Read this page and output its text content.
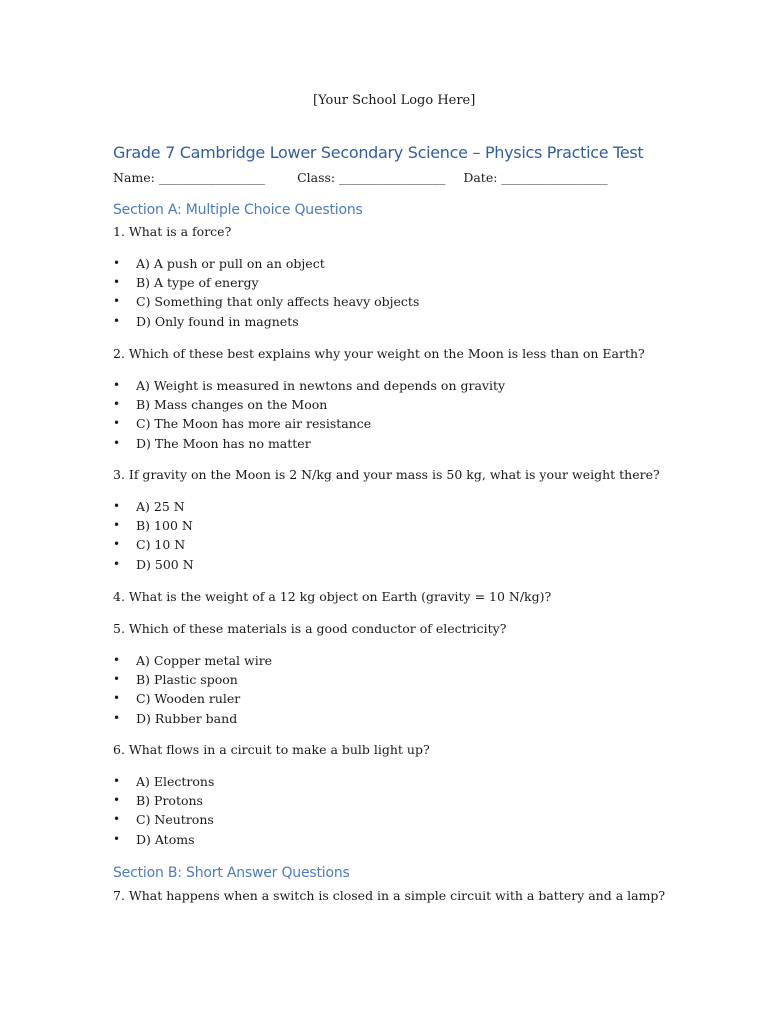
[Your School Logo Here]
Grade 7 Cambridge Lower Secondary Science – Physics Practice Test
Name: _________________	Class: _________________ Date: _________________
Section A: Multiple Choice Questions
1. What is a force?
• A) A push or pull on an object
• B) A type of energy
• C) Something that only affects heavy objects
• D) Only found in magnets
2. Which of these best explains why your weight on the Moon is less than on Earth?
• A) Weight is measured in newtons and depends on gravity
• B) Mass changes on the Moon
• C) The Moon has more air resistance
• D) The Moon has no matter
3. If gravity on the Moon is 2 N/kg and your mass is 50 kg, what is your weight there?
• A) 25 N
• B) 100 N
• C) 10 N
• D) 500 N
4. What is the weight of a 12 kg object on Earth (gravity = 10 N/kg)?
5. Which of these materials is a good conductor of electricity?
• A) Copper metal wire
• B) Plastic spoon
• C) Wooden ruler
• D) Rubber band
6. What flows in a circuit to make a bulb light up?
• A) Electrons
• B) Protons
• C) Neutrons
• D) Atoms
Section B: Short Answer Questions
7. What happens when a switch is closed in a simple circuit with a battery and a lamp?
